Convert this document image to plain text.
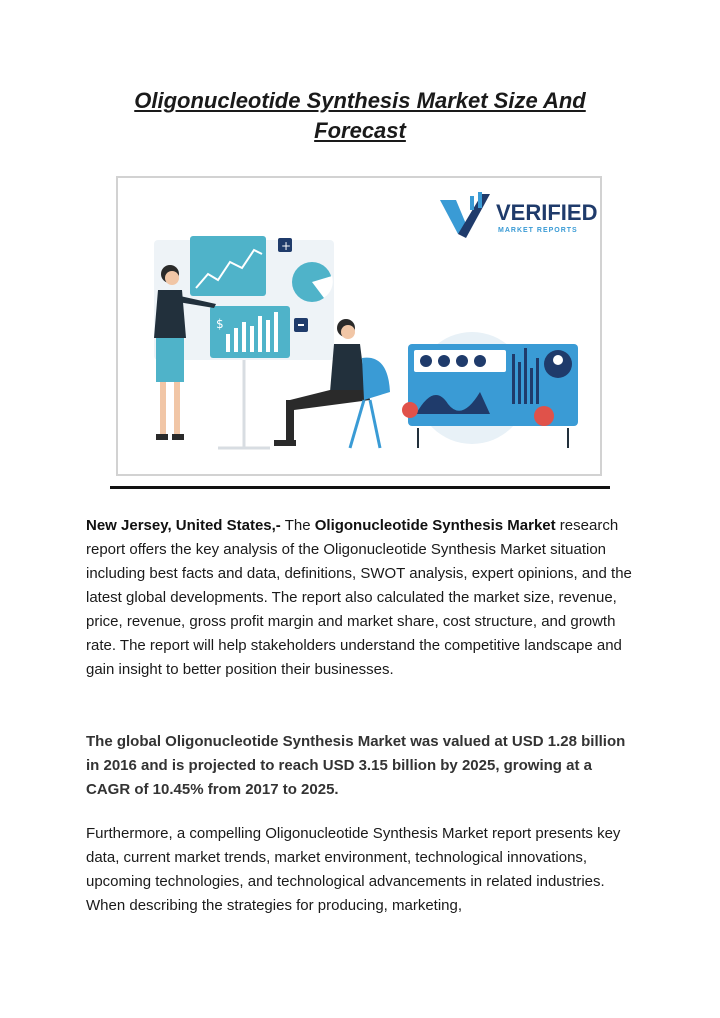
Oligonucleotide Synthesis Market Size And Forecast
VERIFIED
MARKET REPORTS
+
$
New Jersey, United States,- The Oligonucleotide Synthesis Market research report offers the key analysis of the Oligonucleotide Synthesis Market situation including best facts and data, definitions, SWOT analysis, expert opinions, and the latest global developments. The report also calculated the market size, revenue, price, revenue, gross profit margin and market share, cost structure, and growth rate. The report will help stakeholders understand the competitive landscape and gain insight to better position their businesses.
The global Oligonucleotide Synthesis Market was valued at USD 1.28 billion in 2016 and is projected to reach USD 3.15 billion by 2025, growing at a CAGR of 10.45% from 2017 to 2025.
Furthermore, a compelling Oligonucleotide Synthesis Market report presents key data, current market trends, market environment, technological innovations, upcoming technologies, and technological advancements in related industries. When describing the strategies for producing, marketing,
